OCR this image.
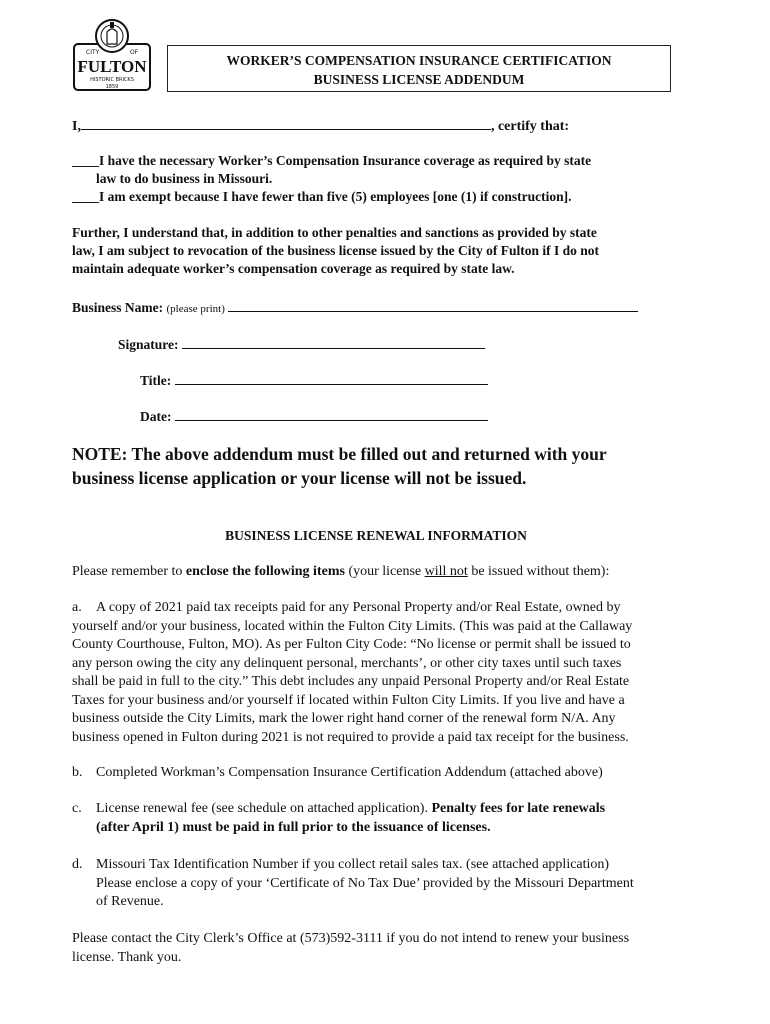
CITY	OF
FULTON
HISTORIC BRICKS
1859
WORKER’S COMPENSATION INSURANCE CERTIFICATION
BUSINESS LICENSE ADDENDUM
I,	, certify that:
____I have the necessary Worker’s Compensation Insurance coverage as required by state
law to do business in Missouri.
____I am exempt because I have fewer than five (5) employees [one (1) if construction].
Further, I understand that, in addition to other penalties and sanctions as provided by state
law, I am subject to revocation of the business license issued by the City of Fulton if I do not
maintain adequate worker’s compensation coverage as required by state law.
Business Name: (please print)
Signature:
Title:
Date:
NOTE: The above addendum must be filled out and returned with your
business license application or your license will not be issued.
BUSINESS LICENSE RENEWAL INFORMATION
Please remember to enclose the following items (your license will not be issued without them):
a.	A copy of 2021 paid tax receipts paid for any Personal Property and/or Real Estate, owned by
yourself and/or your business, located within the Fulton City Limits. (This was paid at the Callaway
County Courthouse, Fulton, MO). As per Fulton City Code: “No license or permit shall be issued to
any person owing the city any delinquent personal, merchants’, or other city taxes until such taxes
shall be paid in full to the city.” This debt includes any unpaid Personal Property and/or Real Estate
Taxes for your business and/or yourself if located within Fulton City Limits. If you live and have a
business outside the City Limits, mark the lower right hand corner of the renewal form N/A. Any
business opened in Fulton during 2021 is not required to provide a paid tax receipt for the business.
b. Completed Workman’s Compensation Insurance Certification Addendum (attached above)
c.	License renewal fee (see schedule on attached application). Penalty fees for late renewals
(after April 1) must be paid in full prior to the issuance of licenses.
d. Missouri Tax Identification Number if you collect retail sales tax. (see attached application)
Please enclose a copy of your ‘Certificate of No Tax Due’ provided by the Missouri Department
of Revenue.
Please contact the City Clerk’s Office at (573)592-3111 if you do not intend to renew your business
license. Thank you.
